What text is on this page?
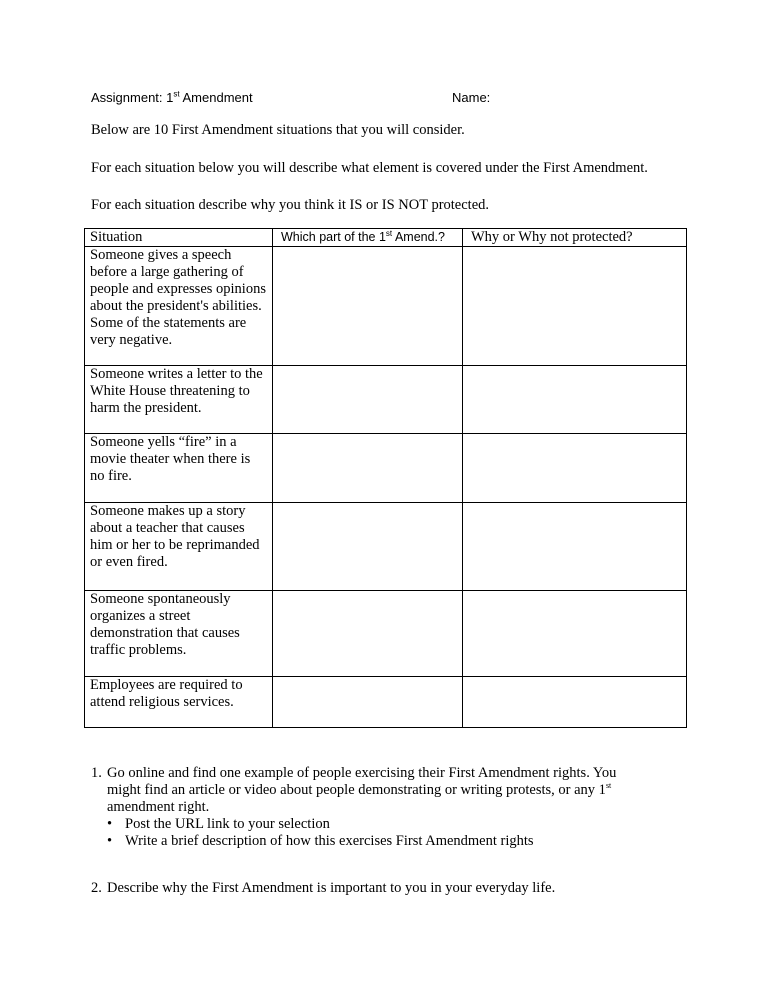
Assignment: 1st Amendment	Name:
Below are 10 First Amendment situations that you will consider.
For each situation below you will describe what element is covered under the First Amendment.
For each situation describe why you think it IS or IS NOT protected.
Situation	Which part of the 1st Amend.?	Why or Why not protected?
Someone gives a speech before a large gathering of people and expresses opinions about the president's abilities. Some of the statements are very negative.		
Someone writes a letter to the White House threatening to harm the president.		
Someone yells “fire” in a movie theater when there is no fire.		
Someone makes up a story about a teacher that causes him or her to be reprimanded or even fired.		
Someone spontaneously organizes a street demonstration that causes traffic problems.		
Employees are required to attend religious services.		
1. Go online and find one example of people exercising their First Amendment rights. You
might find an article or video about people demonstrating or writing protests, or any 1st
amendment right.
• Post the URL link to your selection
• Write a brief description of how this exercises First Amendment rights
2. Describe why the First Amendment is important to you in your everyday life.
